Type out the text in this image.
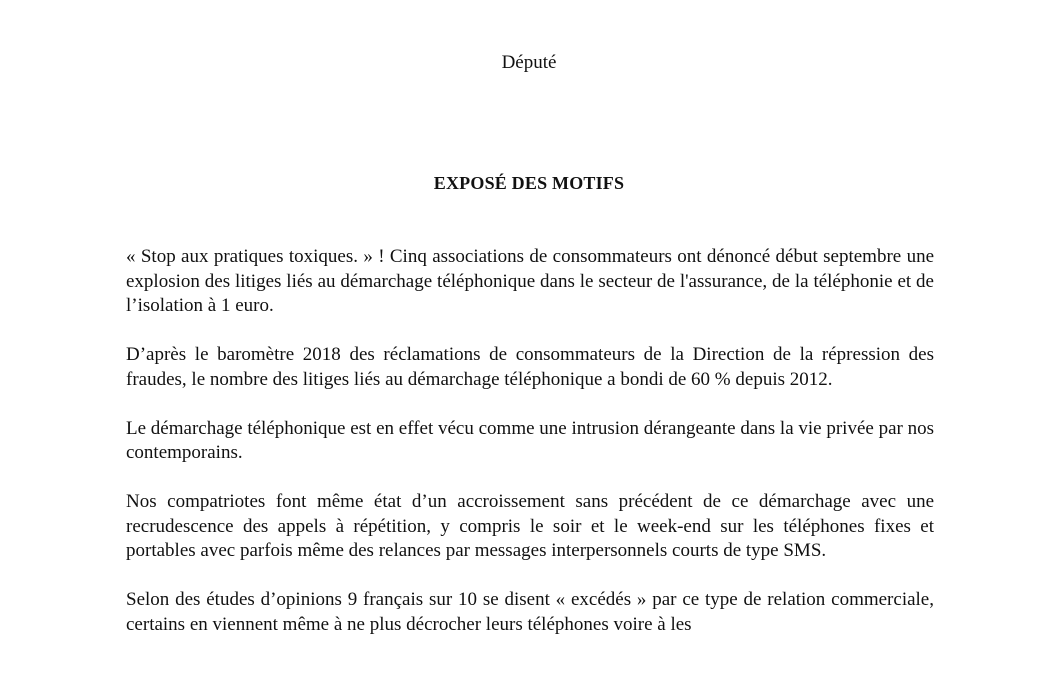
Député
EXPOSÉ DES MOTIFS

« Stop aux pratiques toxiques. » ! Cinq associations de consommateurs ont dénoncé début septembre une explosion des litiges liés au démarchage téléphonique dans le secteur de l'assurance, de la téléphonie et de l’isolation à 1 euro.

D’après le baromètre 2018 des réclamations de consommateurs de la Direction de la répression des fraudes, le nombre des litiges liés au démarchage téléphonique a bondi de 60 % depuis 2012.

Le démarchage téléphonique est en effet vécu comme une intrusion dérangeante dans la vie privée par nos contemporains.

Nos compatriotes font même état d’un accroissement sans précédent de ce démarchage avec une recrudescence des appels à répétition, y compris le soir et le week-end sur les téléphones fixes et portables avec parfois même des relances par messages interpersonnels courts de type SMS.

Selon des études d’opinions 9 français sur 10 se disent « excédés » par ce type de relation commerciale, certains en viennent même à ne plus décrocher leurs téléphones voire à les
